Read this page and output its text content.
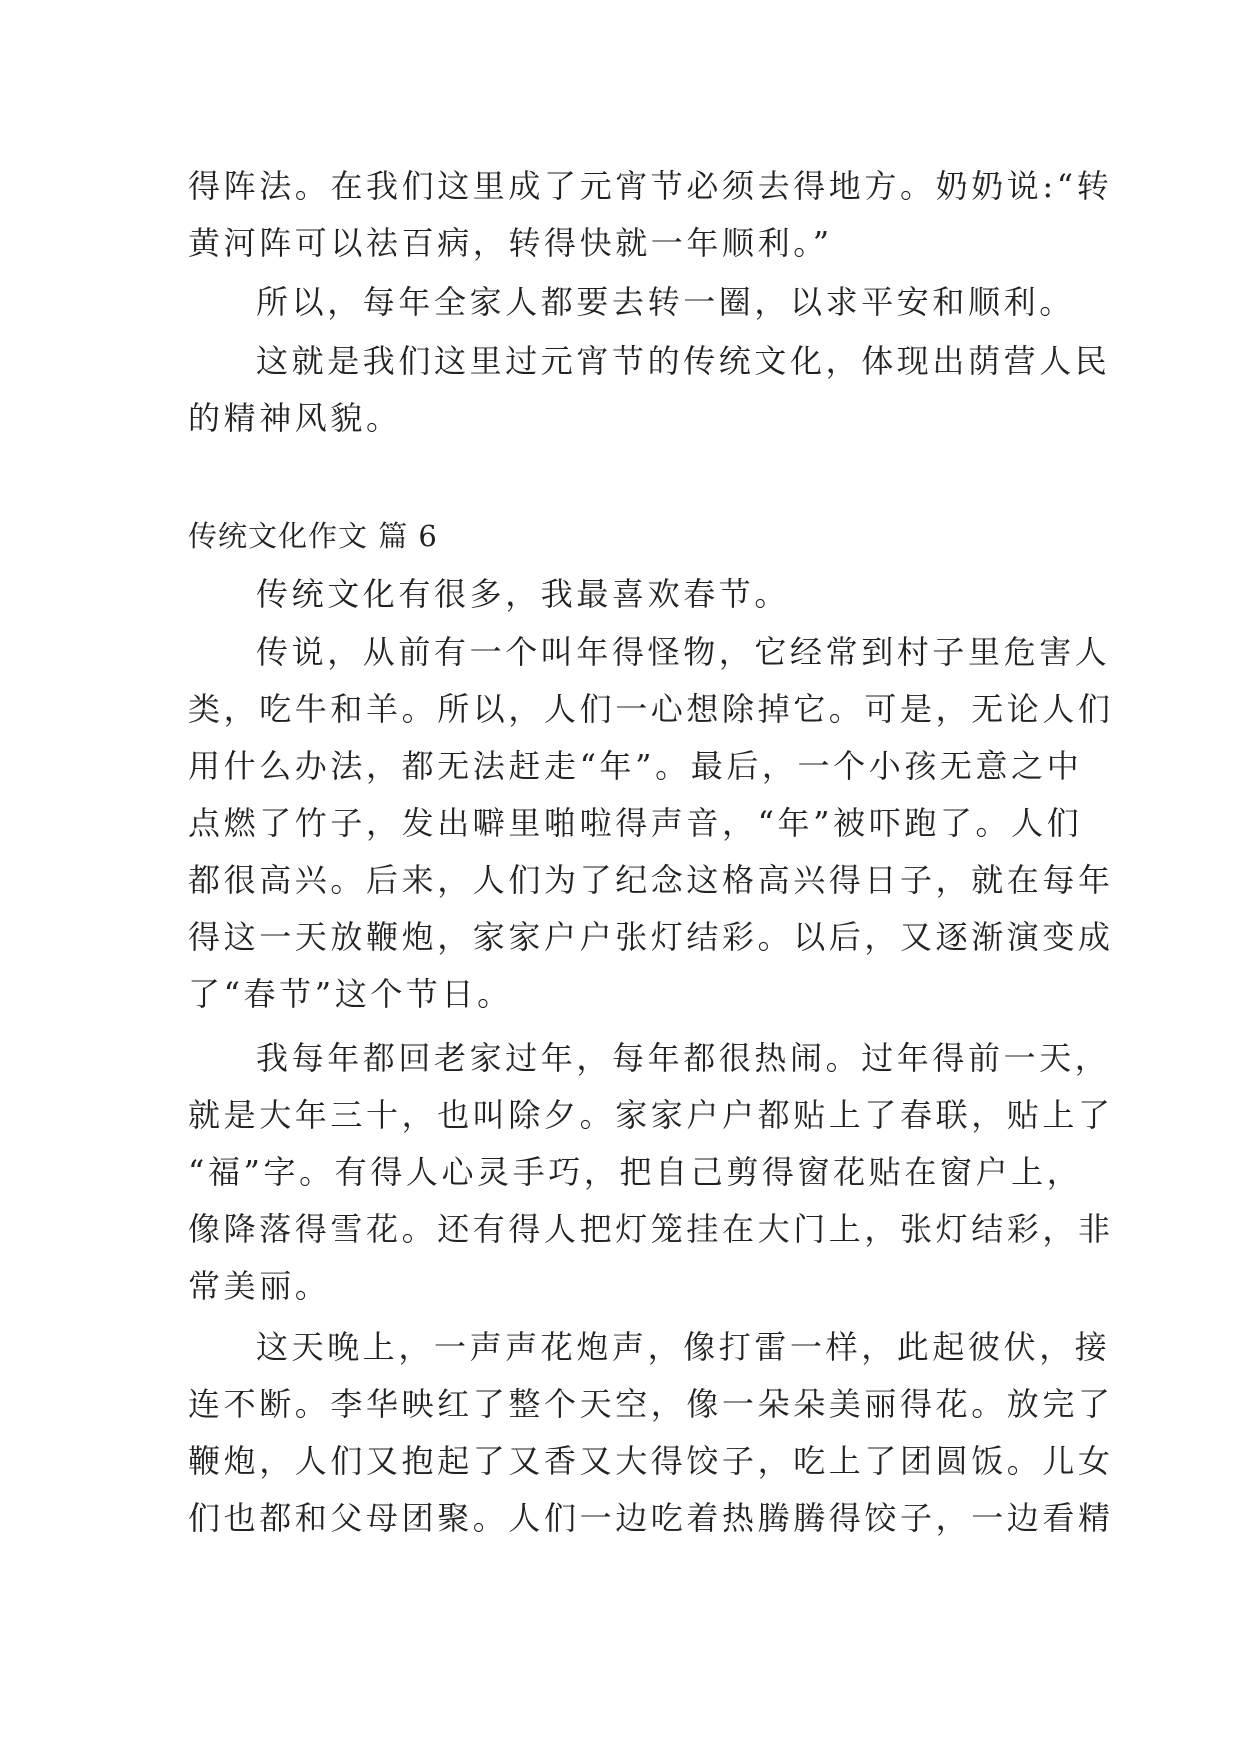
得阵法。在我们这里成了元宵节必须去得地方。奶奶说:“转
黄河阵可以祛百病，转得快就一年顺利。”
所以，每年全家人都要去转一圈，以求平安和顺利。
这就是我们这里过元宵节的传统文化，体现出荫营人民
的精神风貌。
传统文化作文 篇 6
传统文化有很多，我最喜欢春节。
传说，从前有一个叫年得怪物，它经常到村子里危害人
类，吃牛和羊。所以，人们一心想除掉它。可是，无论人们
用什么办法，都无法赶走“年”。最后，一个小孩无意之中
点燃了竹子，发出噼里啪啦得声音，“年”被吓跑了。人们
都很高兴。后来，人们为了纪念这格高兴得日子，就在每年
得这一天放鞭炮，家家户户张灯结彩。以后，又逐渐演变成
了“春节”这个节日。
我每年都回老家过年，每年都很热闹。过年得前一天，
就是大年三十，也叫除夕。家家户户都贴上了春联，贴上了
“福”字。有得人心灵手巧，把自己剪得窗花贴在窗户上，
像降落得雪花。还有得人把灯笼挂在大门上，张灯结彩，非
常美丽。
这天晚上，一声声花炮声，像打雷一样，此起彼伏，接
连不断。李华映红了整个天空，像一朵朵美丽得花。放完了
鞭炮，人们又抱起了又香又大得饺子，吃上了团圆饭。儿女
们也都和父母团聚。人们一边吃着热腾腾得饺子，一边看精
